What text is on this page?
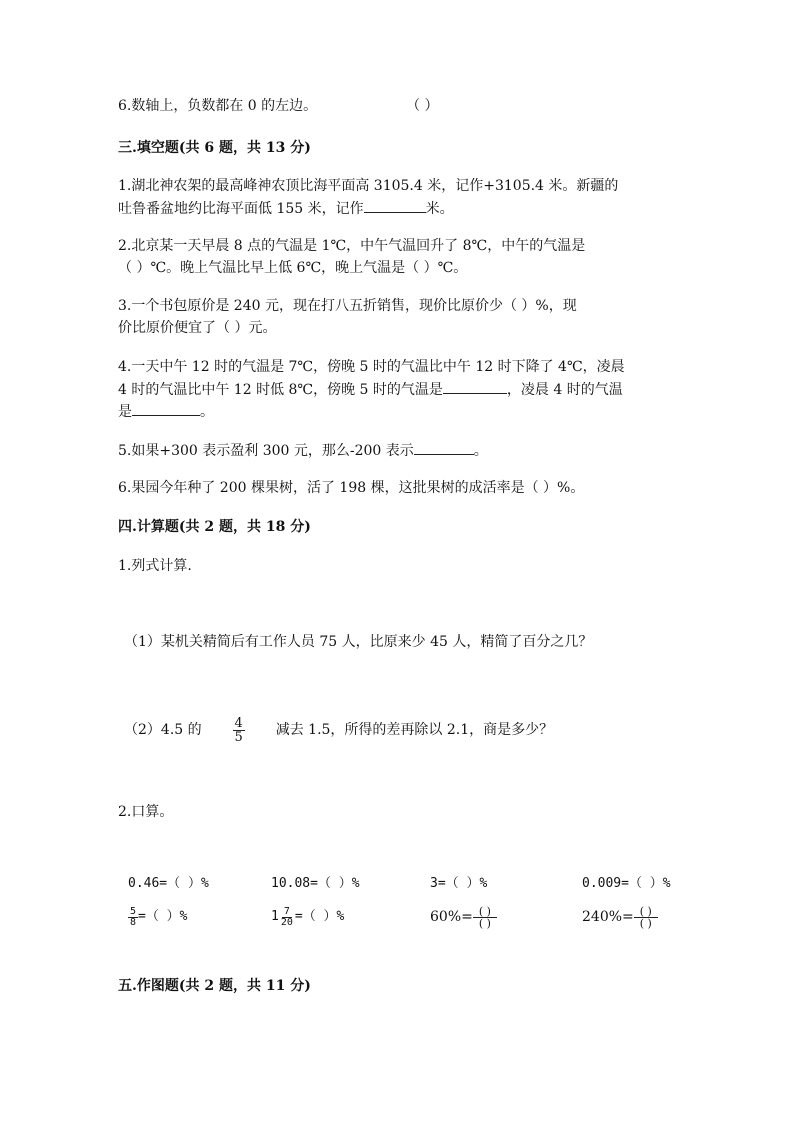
6.数轴上，负数都在 0 的左边。	（ ）
三.填空题(共 6 题，共 13 分)
1.湖北神农架的最高峰神农顶比海平面高 3105.4 米，记作+3105.4 米。新疆的
吐鲁番盆地约比海平面低 155 米，记作	米。
2.北京某一天早晨 8 点的气温是 1℃，中午气温回升了 8℃，中午的气温是
（ ）℃。晚上气温比早上低 6℃，晚上气温是（ ）℃。
3.一个书包原价是 240 元，现在打八五折销售，现价比原价少（ ）%，现
价比原价便宜了（ ）元。
4.一天中午 12 时的气温是 7℃，傍晚 5 时的气温比中午 12 时下降了 4℃，凌晨
4 时的气温比中午 12 时低 8℃，傍晚 5 时的气温是	，凌晨 4 时的气温
是	。
5.如果+300 表示盈利 300 元，那么-200 表示	。
6.果园今年种了 200 棵果树，活了 198 棵，这批果树的成活率是（ ）%。
四.计算题(共 2 题，共 18 分)
1.列式计算.
（1）某机关精简后有工作人员 75 人，比原来少 45 人，精简了百分之几？
（2）4.5 的 $\frac{4}{5}$ 减去 1.5，所得的差再除以 2.1，商是多少？
2.口算。
0.46=（ ）%	10.08=（ ）%	3=（ ）%	0.009=（ ）%
$\frac{5}{8}$ =（ ）%	$1 \frac{7}{20}$ =（ ）%	$60\%= \frac{( )}{( )}$	$240\%= \frac{( )}{( )}$
五.作图题(共 2 题，共 11 分)
